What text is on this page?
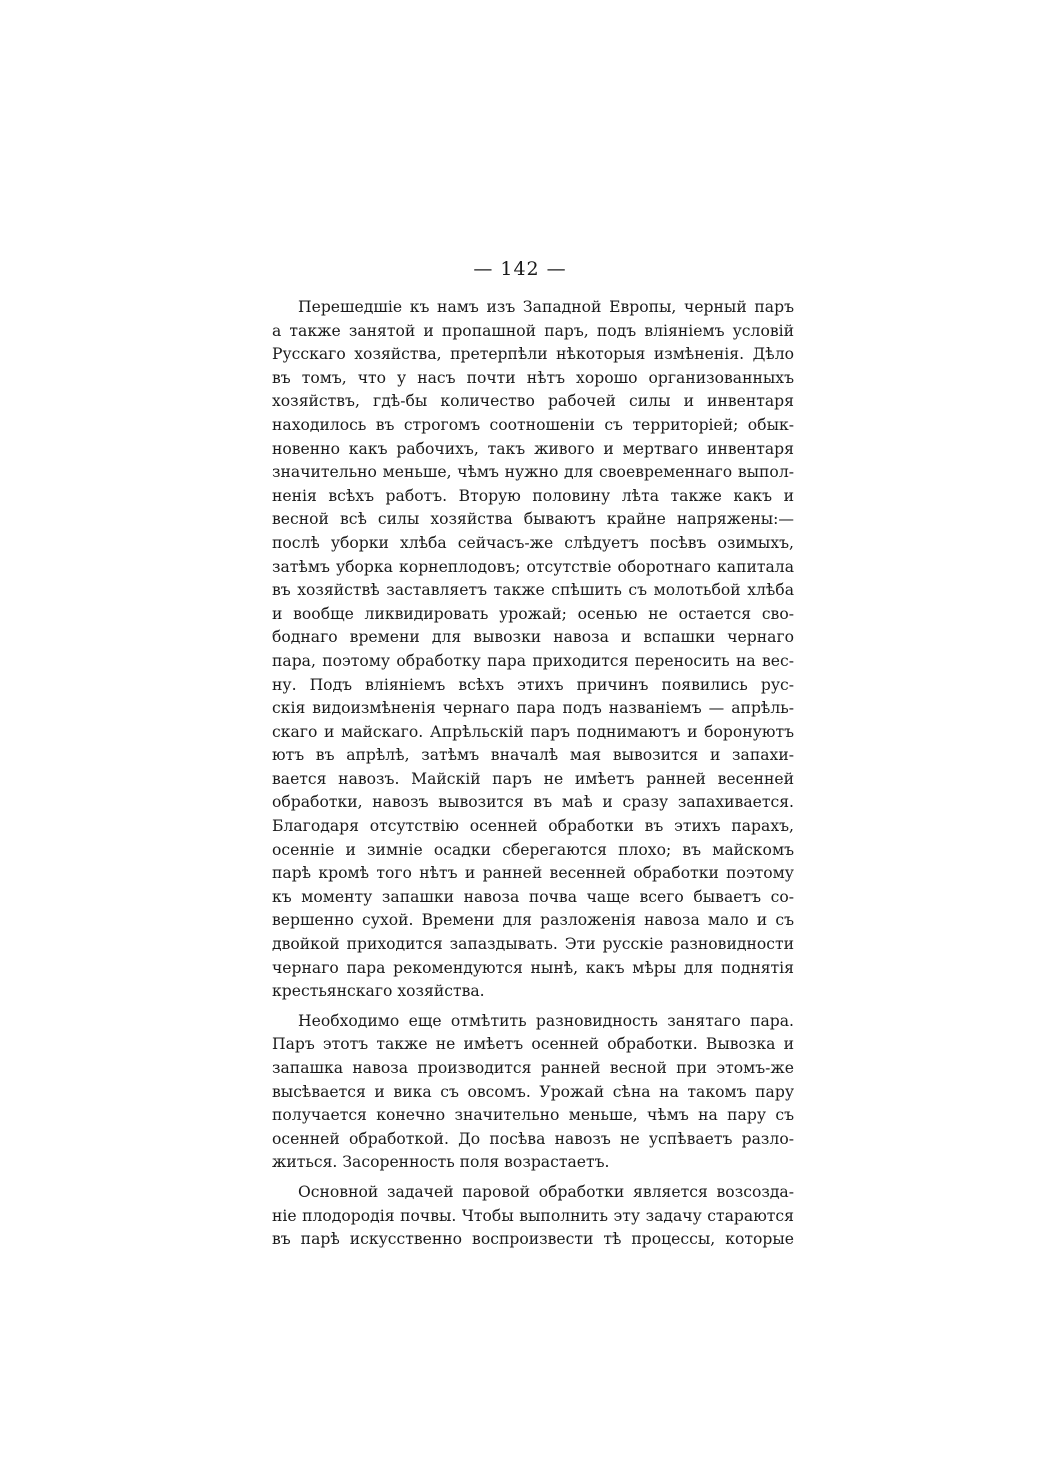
— 142 —
Перешедшіе къ намъ изъ Западной Европы, черный паръ
а также занятой и пропашной паръ, подъ вліяніемъ условій
Русскаго хозяйства, претерпѣли нѣкоторыя измѣненія. Дѣло
въ томъ, что у насъ почти нѣтъ хорошо организованныхъ
хозяйствъ, гдѣ-бы количество рабочей силы и инвентаря
находилось въ строгомъ соотношеніи съ территоріей; обык-
новенно какъ рабочихъ, такъ живого и мертваго инвентаря
значительно меньше, чѣмъ нужно для своевременнаго выпол-
ненія всѣхъ работъ. Вторую половину лѣта также какъ и
весной всѣ силы хозяйства бываютъ крайне напряжены:—
послѣ уборки хлѣба сейчасъ-же слѣдуетъ посѣвъ озимыхъ,
затѣмъ уборка корнеплодовъ; отсутствіе оборотнаго капитала
въ хозяйствѣ заставляетъ также спѣшить съ молотьбой хлѣба
и вообще ликвидировать урожай; осенью не остается сво-
боднаго времени для вывозки навоза и вспашки чернаго
пара, поэтому обработку пара приходится переносить на вес-
ну. Подъ вліяніемъ всѣхъ этихъ причинъ появились рус-
скія видоизмѣненія чернаго пара подъ названіемъ — апрѣль-
скаго и майскаго. Апрѣльскій паръ поднимаютъ и боронуютъ
ютъ въ апрѣлѣ, затѣмъ вначалѣ мая вывозится и запахи-
вается навозъ. Майскій паръ не имѣетъ ранней весенней
обработки, навозъ вывозится въ маѣ и сразу запахивается.
Благодаря отсутствію осенней обработки въ этихъ парахъ,
осенніе и зимніе осадки сберегаются плохо; въ майскомъ
парѣ кромѣ того нѣтъ и ранней весенней обработки поэтому
къ моменту запашки навоза почва чаще всего бываетъ со-
вершенно сухой. Времени для разложенія навоза мало и съ
двойкой приходится запаздывать. Эти русскіе разновидности
чернаго пара рекомендуются нынѣ, какъ мѣры для поднятія
крестьянскаго хозяйства.
Необходимо еще отмѣтить разновидность занятаго пара.
Паръ этотъ также не имѣетъ осенней обработки. Вывозка и
запашка навоза производится ранней весной при этомъ-же
высѣвается и вика съ овсомъ. Урожай сѣна на такомъ пару
получается конечно значительно меньше, чѣмъ на пару съ
осенней обработкой. До посѣва навозъ не успѣваетъ разло-
житься. Засоренность поля возрастаетъ.
Основной задачей паровой обработки является возсозда-
ніе плодородія почвы. Чтобы выполнить эту задачу стараются
въ парѣ искусственно воспроизвести тѣ процессы, которые
